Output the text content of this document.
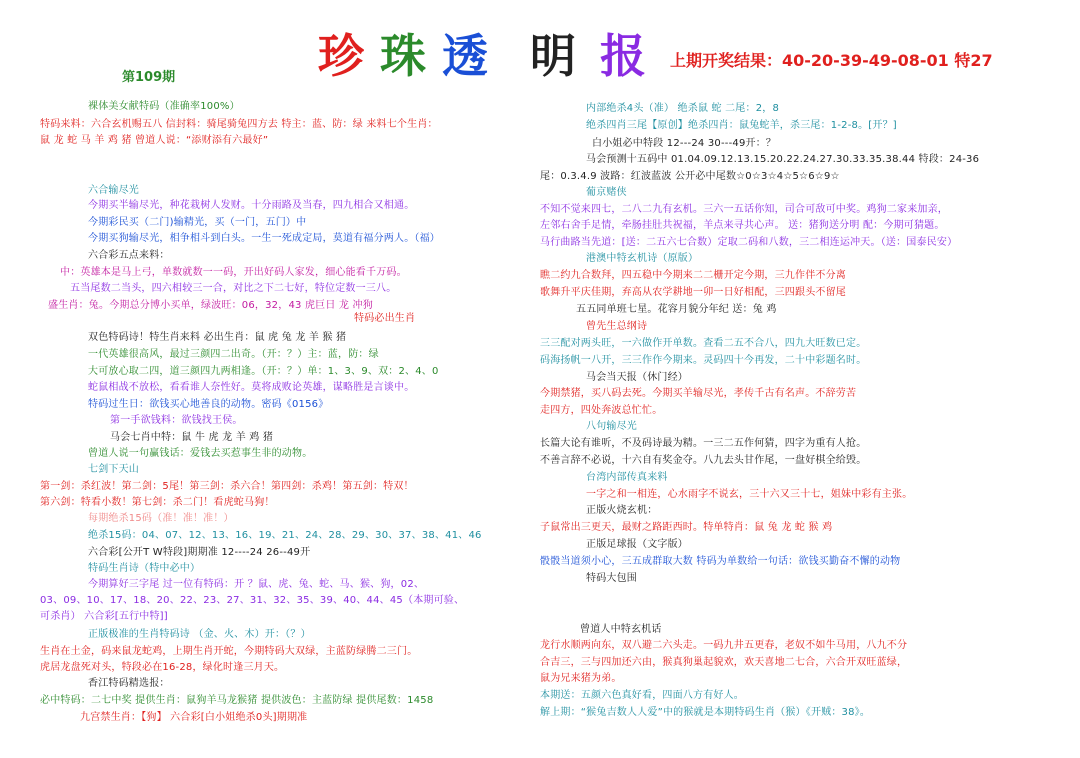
珍 珠 透 明 报
第109期
上期开奖结果：40-20-39-49-08-01 特27
裸体美女献特码（准确率100%）
特码来料：六合玄机赐五八 信封料：骑尾骑兔四方去 特主：蓝、防：绿 来料七个生肖：
鼠 龙 蛇 马 羊 鸡 猪 曾道人说：“添财添有六最好”
六合输尽光
今期买半输尽光，种花栽树人发财。十分雨路及当春，四九相合又相通。
今期彩民买（二门)输精光，买（一门，五门）中
今期买狗输尽光，相争相斗到白头。一生一死成定局，莫道有福分两人。（福）
六合彩五点来料：
中：英雄本是马上弓，单数就数一一码，开出好码人家发，细心能看千万码。
五当尾数二当头，四六相较三一合，对比之下二七好，特位定数一三八。
盛生肖：兔。今期总分博小买单，绿波旺：06，32，43 虎巨日 龙 冲狗
特码必出生肖
双色特码诗！特生肖来料 必出生肖：鼠 虎 兔 龙 羊 猴 猪
一代英雄很高风，最过三颜四二出奇。（开：？）主：蓝，防：绿
大可放心取二四，道三颜四九两相逢。（开：？）单：1、3、9、双：2、4、0
蛇鼠相战不放松，看看谁人奈性好。莫将成败论英雄，谋略胜是言谈中。
特码过生日：欲钱买心地善良的动物。密码《0156》
第一手欲钱料：欲钱找王侯。
马会七肖中特：鼠 牛 虎 龙 羊 鸡 猪
曾道人说一句赢钱话：爱钱去买惹事生非的动物。
七剑下天山
第一剑：杀红波！第二剑：5尾！第三剑：杀六合！第四剑：杀鸡！第五剑：特双！
第六剑：特看小数！第七剑：杀二门！看虎蛇马狗！
每期绝杀15码（准！准！准！）
绝杀15码：04、07、12、13、16、19、21、24、28、29、30、37、38、41、46
六合彩[公开T W特段]期期准 12----24 26--49开
特码生肖诗（特中必中）
今期算好三字尾 过一位有特码：开 ？鼠、虎、兔、蛇、马、猴、狗，02、
03、09、10、17、18、20、22、23、27、31、32、35、39、40、44、45（本期可验、
可杀肖） 六合彩[五行中特]]
正版极准的生肖特码诗 （金、火、木）开：（？）
生肖在土金，码来鼠龙蛇鸡，上期生肖开蛇，今期特码大双绿，主蓝防绿腾二三门。
虎居龙盘死对头，特段必在16-28，绿化时逢三月天。
香江特码精选报：
必中特码：二七中奖 提供生肖：鼠狗羊马龙猴猪 提供波色：主蓝防绿 提供尾数：1458
九宫禁生肖：【狗】 六合彩[白小姐绝杀0头]期期准
内部绝杀4头（准） 绝杀鼠 蛇 二尾：2，8
绝杀四肖三尾【原创】绝杀四肖：鼠兔蛇羊，杀三尾：1-2-8。[开？]
白小姐必中特段 12---24 30---49开：？
马会预测十五码中 01.04.09.12.13.15.20.22.24.27.30.33.35.38.44 特段：24-36
尾：0.3.4.9 波路：红波蓝波 公开必中尾数☆0☆3☆4☆5☆6☆9☆
葡京赌侠
不知不觉来四七，二八二九有玄机。三六一五话你知，司合可敌可中奖。鸡狗二家来加亲，
左邻右舍手足情，牵肠挂肚共祝福，羊点来寻共心声。 送：猪狗送分明 配：今期可猜题。
马行曲路当先道：[送：二五六七合数）定取二码和八数，三二相连运冲天。（送：国泰民安）
港澳中特玄机诗（原版）
瞧二约九合数拜，四五稳中今期来二二栅开定今期，三九作伴不分离
歌舞升平庆佳期，弃高从农学耕地一卯一日好相配，三四跟头不留尾
五五同单班七星。花容月貌分年纪 送：兔 鸡
曾先生总纲诗
三三配对两头旺，一六做作开单数。查看二五不合八，四九大旺数已定。
码海扬帆一八开，三三作作今期来。灵码四十今再发，二十中彩题名时。
马会当天报（休门经）
今期禁猪，买八码去死。今期买羊输尽光，孝传千古有名声。不辞劳苦
走四方，四处奔波总忙忙。
八句输尽光
长篇大论有谁听，不及码诗最为精。一三二五作何猜，四字为重有人抢。
不善言辞不必说，十六自有奖金夺。八九去头甘作尾，一盘好棋全给毁。
台湾内部传真来料
一字之和一相连，心水雨字不说玄，三十六又三十七，姐妹中彩有主张。
正版火烧玄机：
子鼠常出三更天，最财之路距西时。特单特肖：鼠 兔 龙 蛇 猴 鸡
正版足球报（文字版）
骰骰当道须小心，三五成群取大数 特码为单数给一句话：欲钱买勤奋不懈的动物
特码大包围
曾道人中特玄机话
龙行水顺两向东，双八避二六头走。一码九井五更春，老奴不如牛马用，八九不分
合吉三，三与四加还六由，猴真狗巢起貌欢，欢天喜地二七合，六合开双旺蓝绿，
鼠为兄来猪为弟。
本期送：五颜六色真好看，四面八方有好人。
解上期：“猴兔吉数人人爱”中的猴就是本期特码生肖（猴）《开贼：38》。
